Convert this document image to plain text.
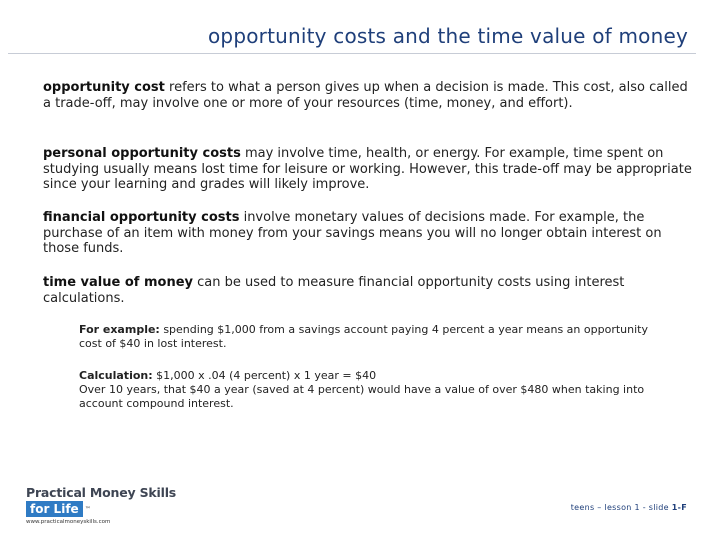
opportunity costs and the time value of money

opportunity cost refers to what a person gives up when a decision is made. This cost, also called a trade-off, may involve one or more of your resources (time, money, and effort).

personal opportunity costs may involve time, health, or energy. For example, time spent on studying usually means lost time for leisure or working. However, this trade-off may be appropriate since your learning and grades will likely improve.

financial opportunity costs involve monetary values of decisions made. For example, the purchase of an item with money from your savings means you will no longer obtain interest on those funds.

time value of money can be used to measure financial opportunity costs using interest calculations.

For example: spending $1,000 from a savings account paying 4 percent a year means an opportunity cost of $40 in lost interest.

Calculation: $1,000 x .04 (4 percent) x 1 year = $40
Over 10 years, that $40 a year (saved at 4 percent) would have a value of over $480 when taking into account compound interest.

Practical Money Skills
for Life	™
www.practicalmoneyskills.com
teens – lesson 1 - slide 1-F
